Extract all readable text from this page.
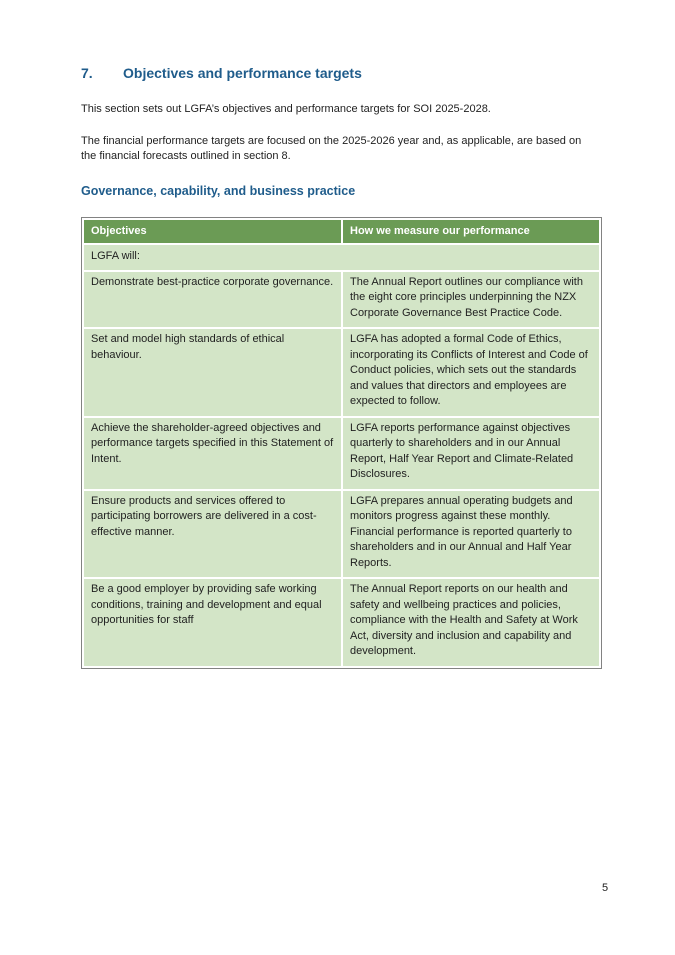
7.	Objectives and performance targets

This section sets out LGFA’s objectives and performance targets for SOI 2025-2028.

The financial performance targets are focused on the 2025-2026 year and, as applicable, are based on the financial forecasts outlined in section 8.

Governance, capability, and business practice
Objectives	How we measure our performance
LGFA will:	
Demonstrate best-practice corporate governance.	The Annual Report outlines our compliance with the eight core principles underpinning the NZX Corporate Governance Best Practice Code.
Set and model high standards of ethical behaviour.	LGFA has adopted a formal Code of Ethics, incorporating its Conflicts of Interest and Code of Conduct policies, which sets out the standards and values that directors and employees are expected to follow.
Achieve the shareholder-agreed objectives and performance targets specified in this Statement of Intent.	LGFA reports performance against objectives quarterly to shareholders and in our Annual Report, Half Year Report and Climate-Related Disclosures.
Ensure products and services offered to participating borrowers are delivered in a cost-effective manner.	LGFA prepares annual operating budgets and monitors progress against these monthly. Financial performance is reported quarterly to shareholders and in our Annual and Half Year Reports.
Be a good employer by providing safe working conditions, training and development and equal opportunities for staff	The Annual Report reports on our health and safety and wellbeing practices and policies, compliance with the Health and Safety at Work Act, diversity and inclusion and capability and development.
5
